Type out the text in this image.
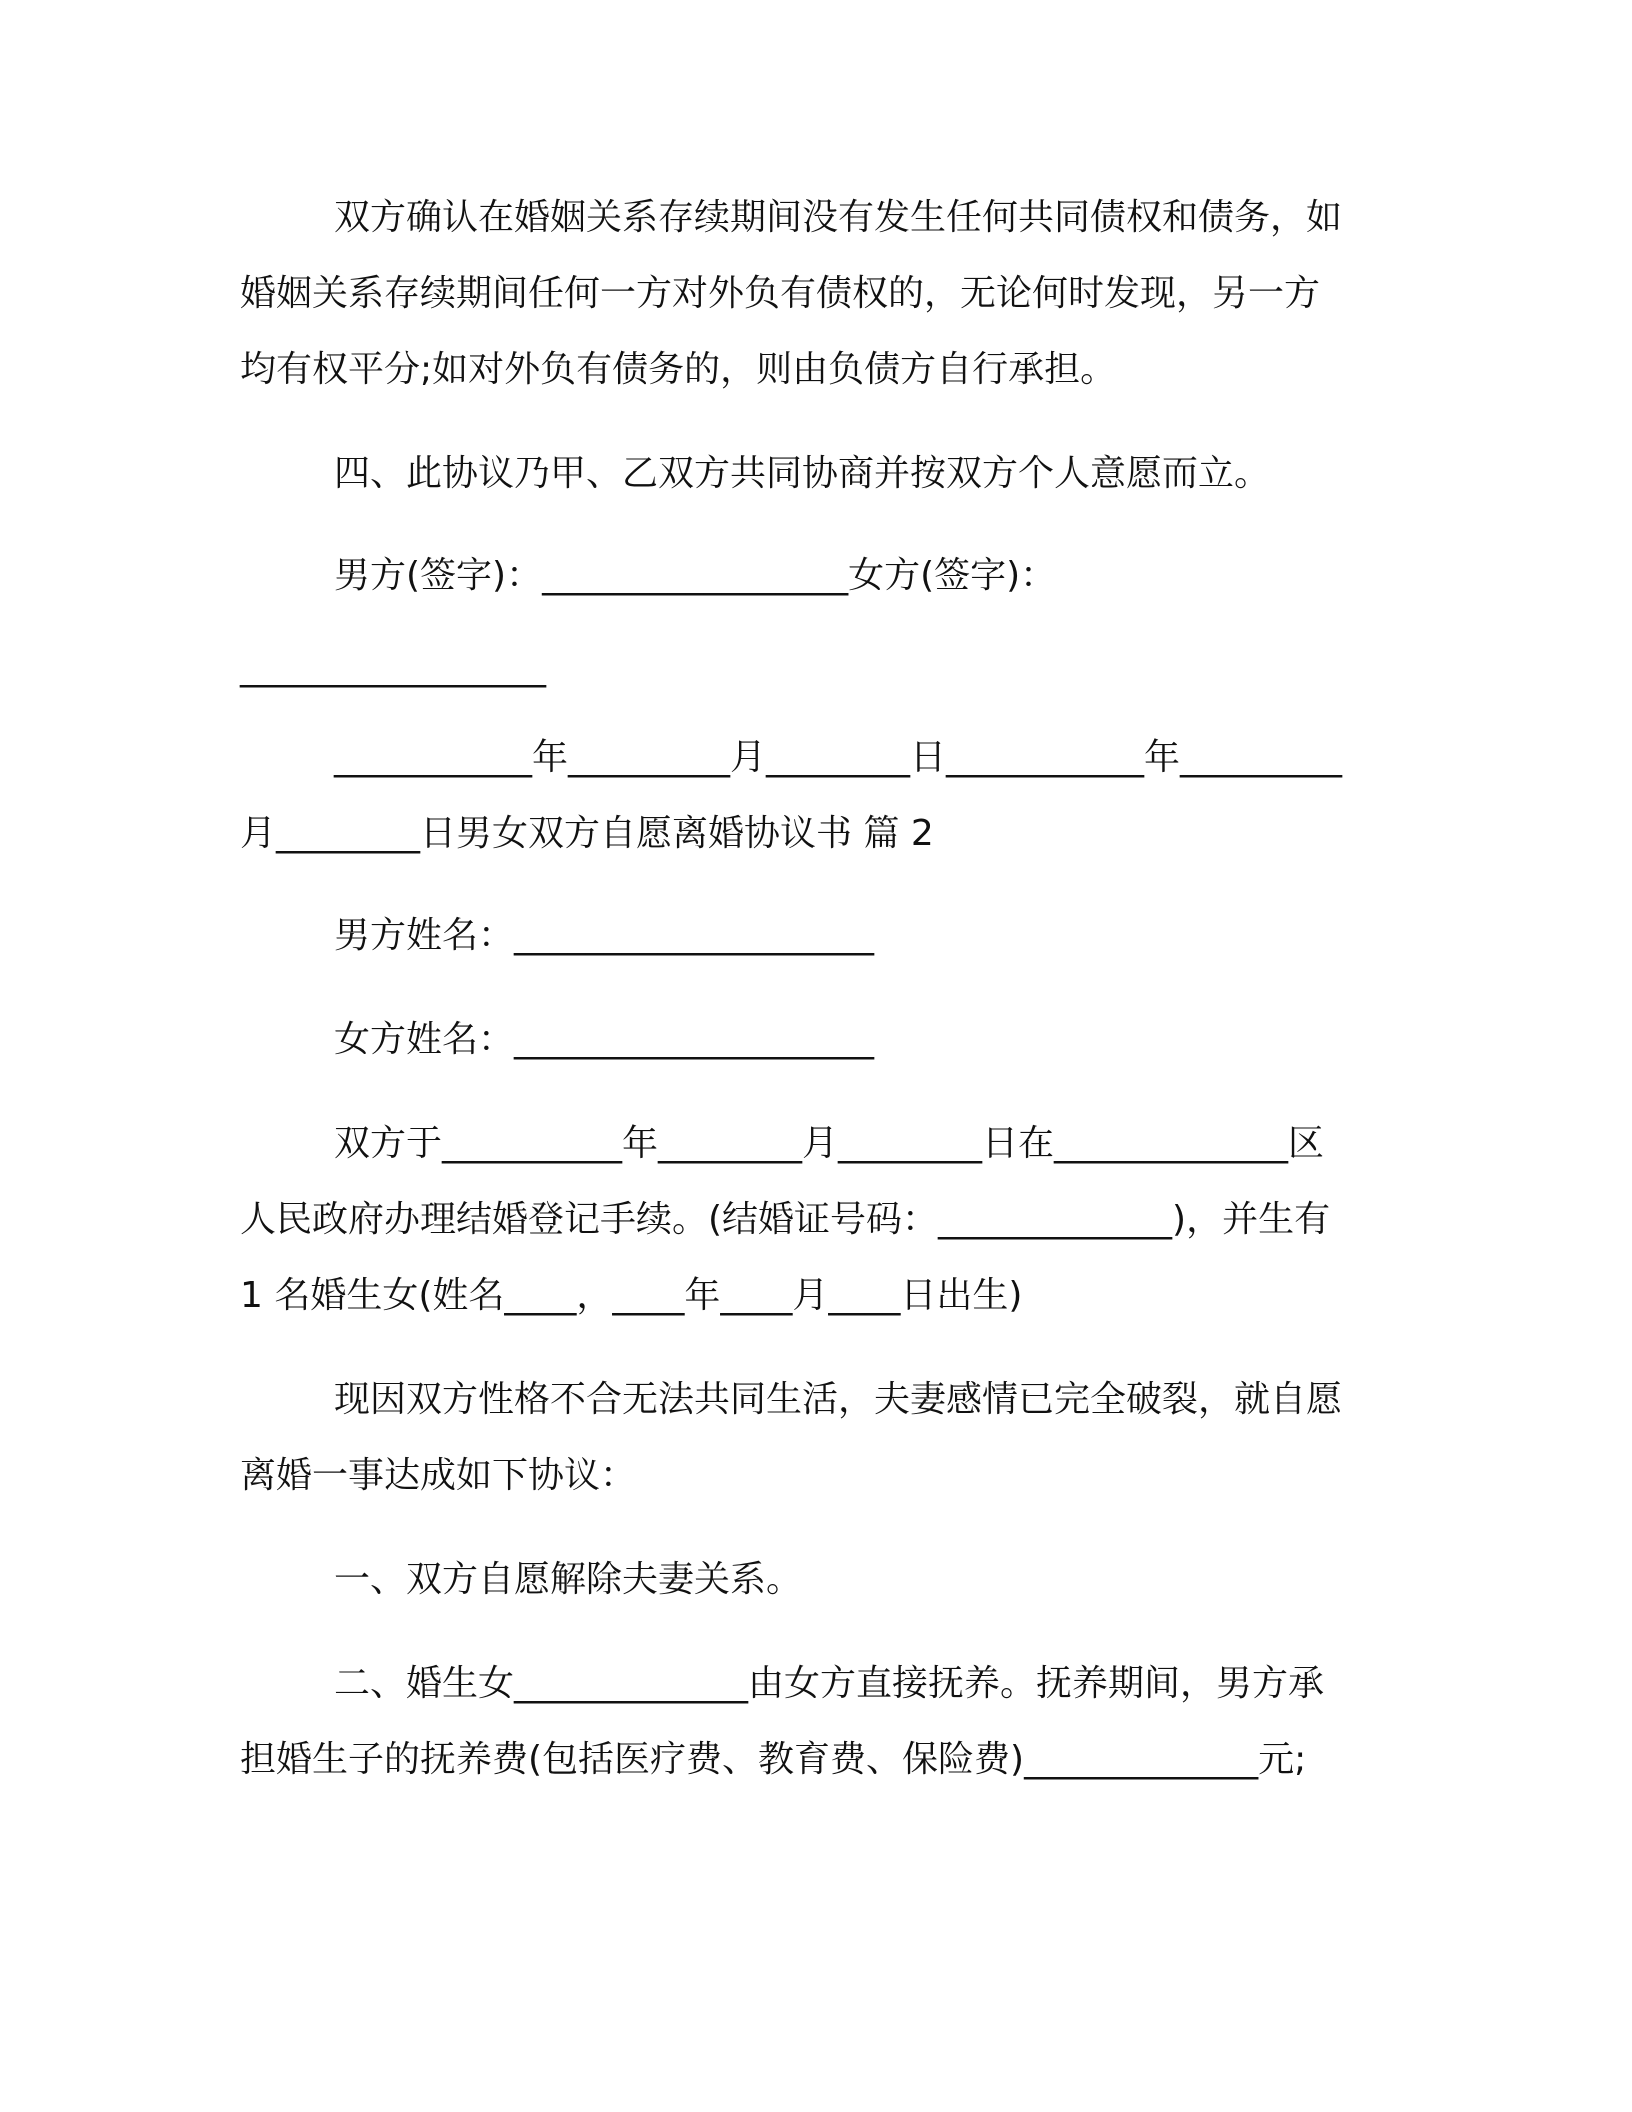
双方确认在婚姻关系存续期间没有发生任何共同债权和债务，如

婚姻关系存续期间任何一方对外负有债权的，无论何时发现，另一方

均有权平分;如对外负有债务的，则由负债方自行承担。

四、此协议乃甲、乙双方共同协商并按双方个人意愿而立。

男方(签字)：_________________女方(签字)：

_________________

___________年_________月________日___________年_________

月________日男女双方自愿离婚协议书 篇 2

男方姓名：____________________

女方姓名：____________________

双方于__________年________月________日在_____________区

人民政府办理结婚登记手续。(结婚证号码：_____________)，并生有

1 名婚生女(姓名____，____年____月____日出生)

现因双方性格不合无法共同生活，夫妻感情已完全破裂，就自愿

离婚一事达成如下协议：

一、双方自愿解除夫妻关系。

二、婚生女_____________由女方直接抚养。抚养期间，男方承

担婚生子的抚养费(包括医疗费、教育费、保险费)_____________元;
